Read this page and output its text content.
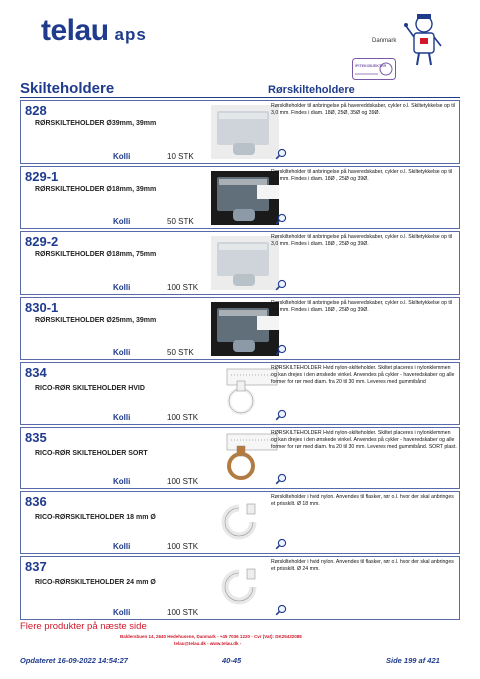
telau aps	Danmark
IPITEKOBJEKTER
Skilteholdere	Rørskilteholdere
828
RØRSKILTEHOLDER Ø39mm, 39mm
Kolli	10 STK
Rørskilteholder til anbringelse på havereddskaber, cykler o.l. Skiltetykkelse op til 3,0 mm. Findes i diam. 18Ø, 25Ø, 35Ø og 39Ø.
829-1
RØRSKILTEHOLDER Ø18mm, 39mm
Kolli	50 STK
Rørskilteholder til anbringelse på haveredskaber, cykler o.l. Skiltetykkelse op til 3,0 mm. Findes i diam. 18Ø , 25Ø og 39Ø.
829-2
RØRSKILTEHOLDER Ø18mm, 75mm
Kolli	100 STK
Rørskilteholder til anbringelse på haveredskaber, cykler o.l. Skiltetykkelse op til 3,0 mm. Findes i diam. 18Ø , 25Ø og 39Ø.
830-1
RØRSKILTEHOLDER Ø25mm, 39mm
Kolli	50 STK
Rørskilteholder til anbringelse på haveredskaber, cykler o.l. Skiltetykkelse op til 3,0 mm. Findes i diam. 18Ø , 25Ø og 39Ø.
834
RICO-RØR SKILTEHOLDER HVID
Kolli	100 STK
RØRSKILTEHOLDER Hvid nylon-skilteholder. Skiltet placeres i nylonklemmen og kan drejes i den ønskede vinkel. Anvendes på cykler - haveredskaber og alle former for rør med diam. fra 20 til 30 mm. Leveres med gummibånd
835
RICO-RØR SKILTEHOLDER SORT
Kolli	100 STK
RØRSKILTEHOLDER Hvid nylon-skilteholder. Skiltet placeres i nylonklemmen og kan drejes i den ønskede vinkel. Anvendes på cykler - haveredskaber og alle former for rør med diam. fra 20 til 30 mm. Leveres med gummibånd. SORT plast.
836
RICO-RØRSKILTEHOLDER 18 mm Ø
Kolli	100 STK
Rørskilteholder i hvid nylon. Anvendes til flasker, rør o.l. hvor der skal anbringes et prisskilt. Ø 18 mm.
837
RICO-RØRSKILTEHOLDER 24 mm Ø
Kolli	100 STK
Rørskilteholder i hvid nylon. Anvendes til flasker, rør o.l. hvor der skal anbringes et prisskilt. Ø 24 mm.
Flere produkter på næste side
Baldersbuen 14, 2640 Hedehusene, Danmark - +45 7036 1220 - Cvr (Vat): DK25432088
telau@telau.dk - www.telau.dk -
Opdateret 16-09-2022 14:54:27	40-45	Side 199 af 421
